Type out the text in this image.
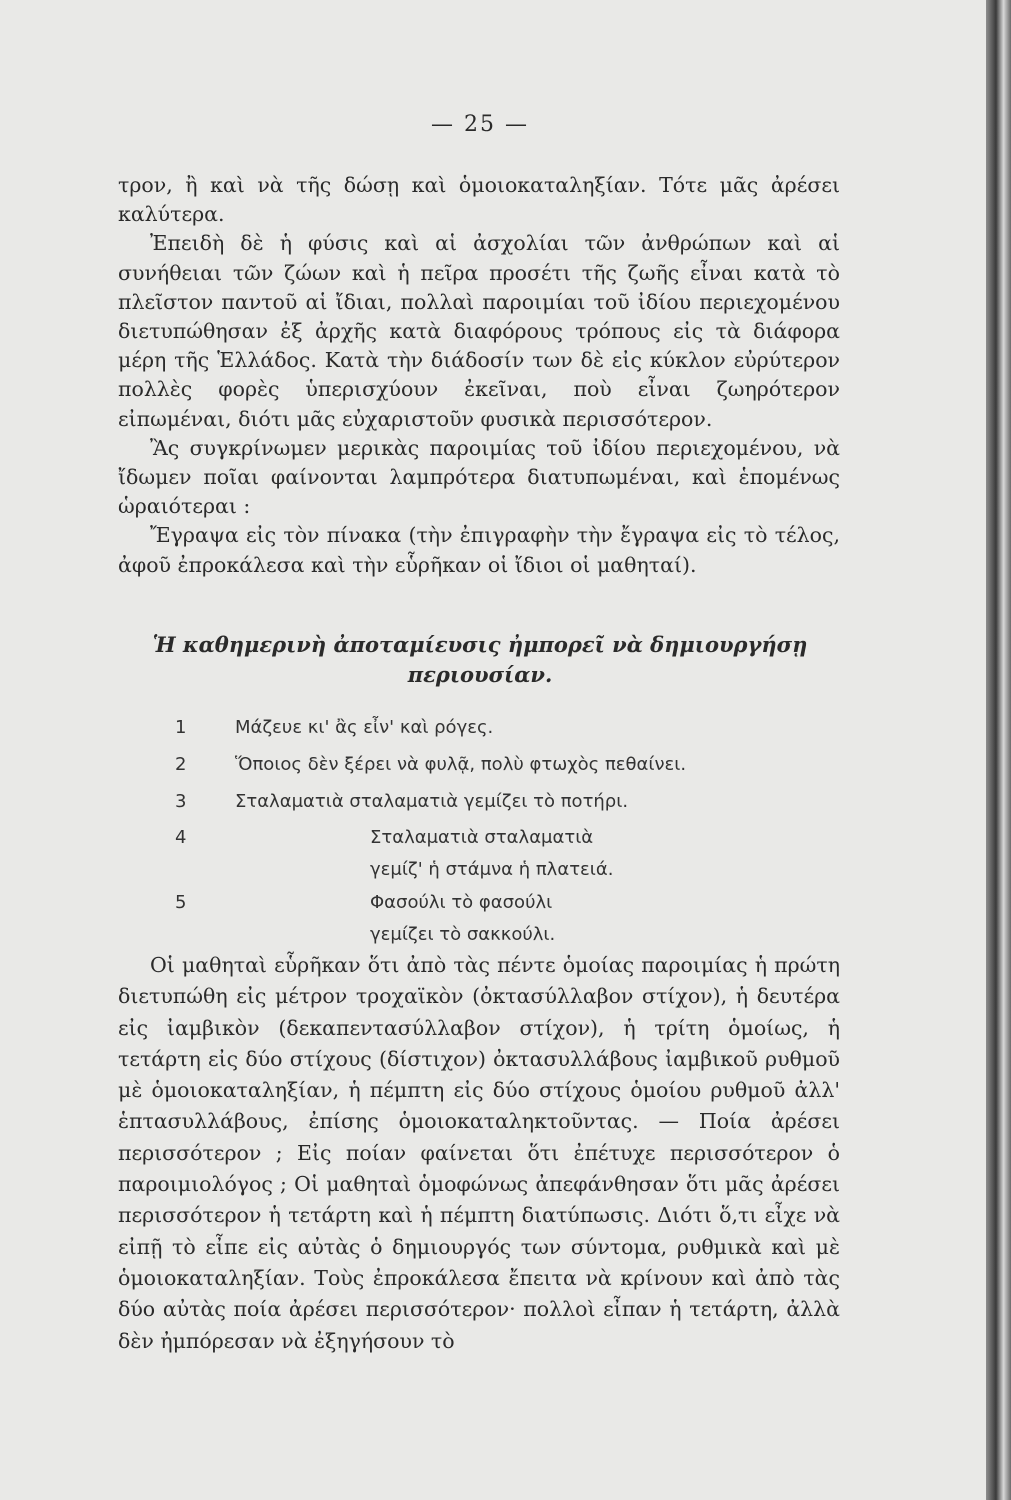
— 25 —

τρον, ἢ καὶ νὰ τῆς δώσῃ καὶ ὁμοιοκαταληξίαν. Τότε μᾶς ἀρέσει καλύτερα.

Ἐπειδὴ δὲ ἡ φύσις καὶ αἱ ἀσχολίαι τῶν ἀνθρώπων καὶ αἱ συνήθειαι τῶν ζώων καὶ ἡ πεῖρα προσέτι τῆς ζωῆς εἶναι κατὰ τὸ πλεῖστον παντοῦ αἱ ἴδιαι, πολλαὶ παροιμίαι τοῦ ἰδίου περιεχομένου διετυπώθησαν ἐξ ἀρχῆς κατὰ διαφόρους τρόπους εἰς τὰ διάφορα μέρη τῆς Ἑλλάδος. Κατὰ τὴν διάδοσίν των δὲ εἰς κύκλον εὐρύτερον πολλὲς φορὲς ὑπερισχύουν ἐκεῖναι, ποὺ εἶναι ζωηρότερον εἰπωμέναι, διότι μᾶς εὐχαριστοῦν φυσικὰ περισσότερον.

Ἂς συγκρίνωμεν μερικὰς παροιμίας τοῦ ἰδίου περιεχομένου, νὰ ἴδωμεν ποῖαι φαίνονται λαμπρότερα διατυπωμέναι, καὶ ἑπομένως ὡραιότεραι :

Ἔγραψα εἰς τὸν πίνακα (τὴν ἐπιγραφὴν τὴν ἔγραψα εἰς τὸ τέλος, ἀφοῦ ἐπροκάλεσα καὶ τὴν εὗρῆκαν οἱ ἴδιοι οἱ μαθηταί).

Ἡ καθημερινὴ ἀποταμίευσις ἠμπορεῖ νὰ δημιουργήσῃ περιουσίαν.
1	Μάζευε κι' ἂς εἶν' καὶ ρόγες.
2	Ὅποιος δὲν ξέρει νὰ φυλᾷ, πολὺ φτωχὸς πεθαίνει.
3	Σταλαματιὰ σταλαματιὰ γεμίζει τὸ ποτήρι.
4	Σταλαματιὰ σταλαματιὰ
γεμίζ' ἡ στάμνα ἡ πλατειά.
5	Φασούλι τὸ φασούλι
γεμίζει τὸ σακκούλι.

Οἱ μαθηταὶ εὗρῆκαν ὅτι ἀπὸ τὰς πέντε ὁμοίας παροιμίας ἡ πρώτη διετυπώθη εἰς μέτρον τροχαϊκὸν (ὀκτασύλλαβον στίχον), ἡ δευτέρα εἰς ἰαμβικὸν (δεκαπεντασύλλαβον στίχον), ἡ τρίτη ὁμοίως, ἡ τετάρτη εἰς δύο στίχους (δίστιχον) ὀκτασυλλάβους ἰαμβικοῦ ρυθμοῦ μὲ ὁμοιοκαταληξίαν, ἡ πέμπτη εἰς δύο στίχους ὁμοίου ρυθμοῦ ἀλλ' ἑπτασυλλάβους, ἐπίσης ὁμοιοκαταληκτοῦντας. — Ποία ἀρέσει περισσότερον ; Εἰς ποίαν φαίνεται ὅτι ἐπέτυχε περισσότερον ὁ παροιμιολόγος ; Οἱ μαθηταὶ ὁμοφώνως ἀπεφάνθησαν ὅτι μᾶς ἀρέσει περισσότερον ἡ τετάρτη καὶ ἡ πέμπτη διατύπωσις. Διότι ὅ,τι εἶχε νὰ εἰπῇ τὸ εἶπε εἰς αὐτὰς ὁ δημιουργός των σύντομα, ρυθμικὰ καὶ μὲ ὁμοιοκαταληξίαν. Τοὺς ἐπροκάλεσα ἔπειτα νὰ κρίνουν καὶ ἀπὸ τὰς δύο αὐτὰς ποία ἀρέσει περισσότερον· πολλοὶ εἶπαν ἡ τετάρτη, ἀλλὰ δὲν ἠμπόρεσαν νὰ ἐξηγήσουν τὸ
